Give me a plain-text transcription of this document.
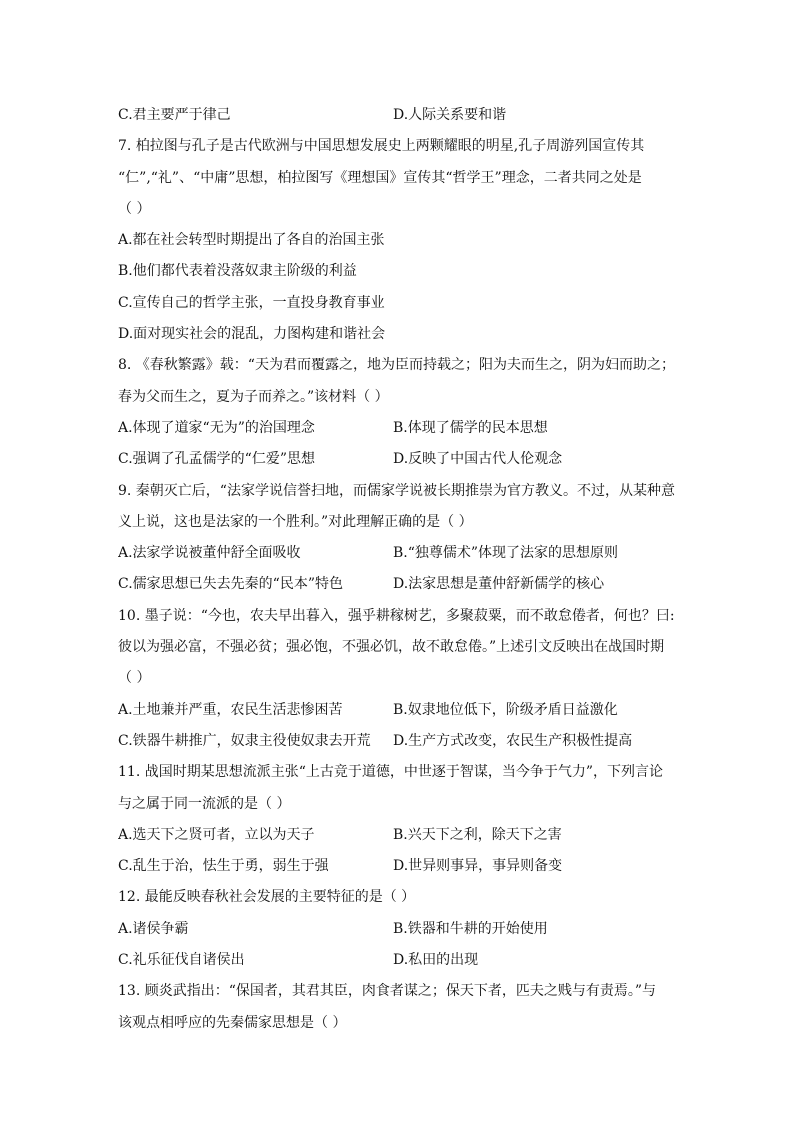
C.君主要严于律己	D.人际关系要和谐
7. 柏拉图与孔子是古代欧洲与中国思想发展史上两颗耀眼的明星,孔子周游列国宣传其
“仁”,“礼”、“中庸”思想，柏拉图写《理想国》宣传其“哲学王”理念，二者共同之处是
（ ）
A.都在社会转型时期提出了各自的治国主张
B.他们都代表着没落奴隶主阶级的利益
C.宣传自己的哲学主张，一直投身教育事业
D.面对现实社会的混乱，力图构建和谐社会
8. 《春秋繁露》载：“天为君而覆露之，地为臣而持载之；阳为夫而生之，阴为妇而助之；
春为父而生之，夏为子而养之。”该材料（ ）
A.体现了道家“无为”的治国理念	B.体现了儒学的民本思想
C.强调了孔孟儒学的“仁爱”思想	D.反映了中国古代人伦观念
9. 秦朝灭亡后，“法家学说信誉扫地，而儒家学说被长期推崇为官方教义。不过，从某种意
义上说，这也是法家的一个胜利。”对此理解正确的是（ ）
A.法家学说被董仲舒全面吸收	B.“独尊儒术”体现了法家的思想原则
C.儒家思想已失去先秦的“民本”特色	D.法家思想是董仲舒新儒学的核心
10. 墨子说：“今也，农夫早出暮入，强乎耕稼树艺，多聚菽粟，而不敢怠倦者，何也？曰:
彼以为强必富，不强必贫；强必饱，不强必饥，故不敢怠倦。”上述引文反映出在战国时期
（ ）
A.土地兼并严重，农民生活悲惨困苦	B.奴隶地位低下，阶级矛盾日益激化
C.铁器牛耕推广，奴隶主役使奴隶去开荒	D.生产方式改变，农民生产积极性提高
11. 战国时期某思想流派主张“上古竞于道德，中世逐于智谋，当今争于气力”，下列言论
与之属于同一流派的是（ ）
A.选天下之贤可者，立以为天子	B.兴天下之利，除天下之害
C.乱生于治，怯生于勇，弱生于强	D.世异则事异，事异则备变
12. 最能反映春秋社会发展的主要特征的是（ ）
A.诸侯争霸	B.铁器和牛耕的开始使用
C.礼乐征伐自诸侯出	D.私田的出现
13. 顾炎武指出：“保国者，其君其臣，肉食者谋之；保天下者，匹夫之贱与有责焉。”与
该观点相呼应的先秦儒家思想是（ ）
